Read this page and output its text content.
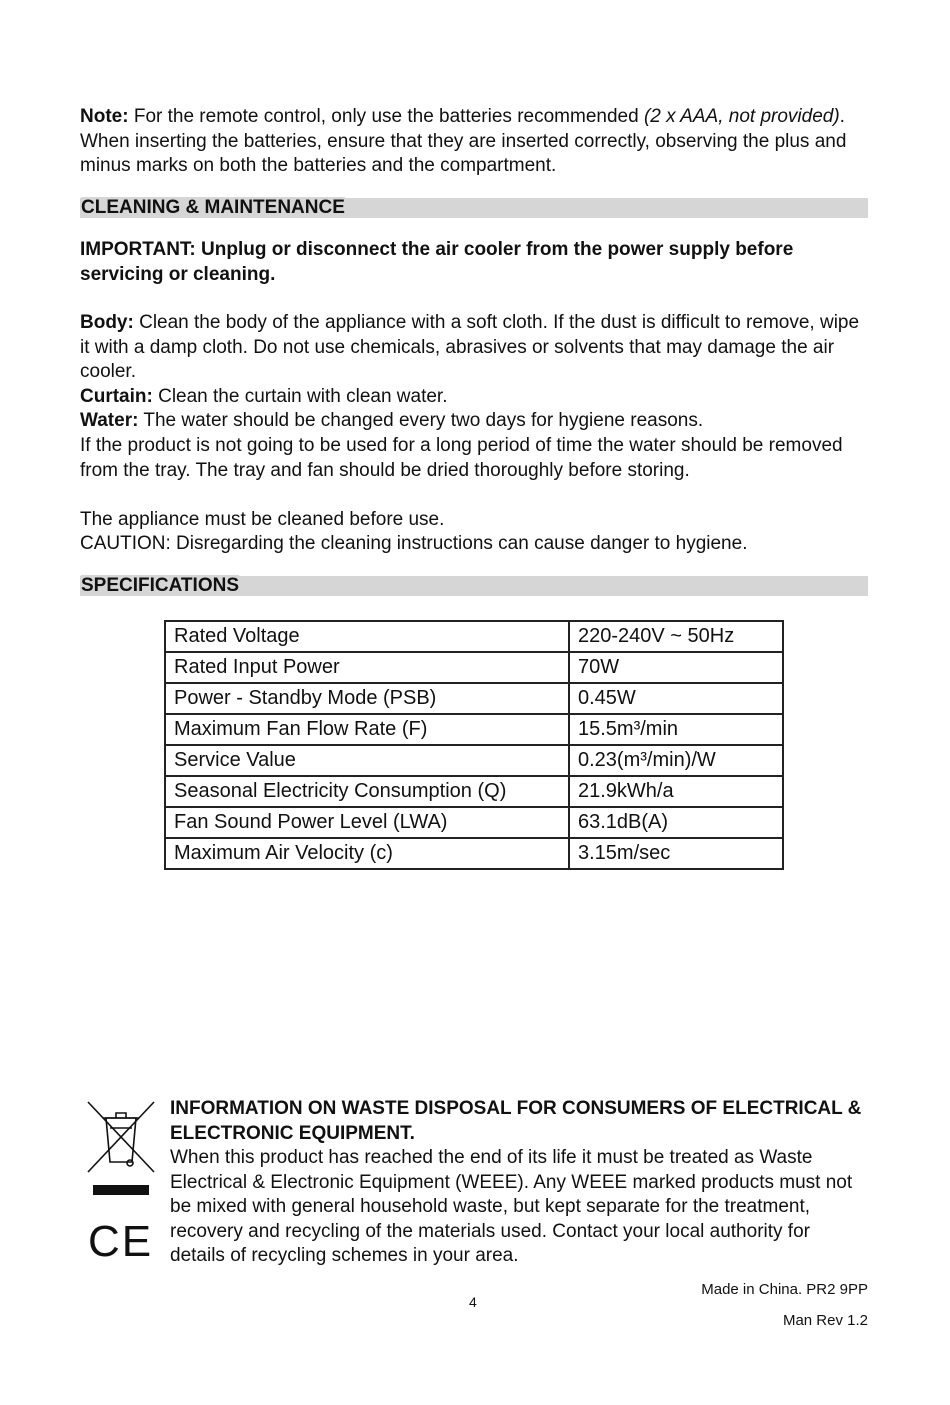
Note: For the remote control, only use the batteries recommended (2 x AAA, not provided). When inserting the batteries, ensure that they are inserted correctly, observing the plus and minus marks on both the batteries and the compartment.

CLEANING & MAINTENANCE

IMPORTANT: Unplug or disconnect the air cooler from the power supply before servicing or cleaning.

Body: Clean the body of the appliance with a soft cloth. If the dust is difficult to remove, wipe it with a damp cloth. Do not use chemicals, abrasives or solvents that may damage the air cooler.

Curtain: Clean the curtain with clean water.

Water: The water should be changed every two days for hygiene reasons.

If the product is not going to be used for a long period of time the water should be removed from the tray. The tray and fan should be dried thoroughly before storing.

The appliance must be cleaned before use.

CAUTION: Disregarding the cleaning instructions can cause danger to hygiene.

SPECIFICATIONS
Rated Voltage	220-240V ~ 50Hz
Rated Input Power	70W
Power - Standby Mode (PSB)	0.45W
Maximum Fan Flow Rate (F)	15.5m³/min
Service Value	0.23(m³/min)/W
Seasonal Electricity Consumption (Q)	21.9kWh/a
Fan Sound Power Level (LWA)	63.1dB(A)
Maximum Air Velocity (c)	3.15m/sec
CE

INFORMATION ON WASTE DISPOSAL FOR CONSUMERS OF ELECTRICAL & ELECTRONIC EQUIPMENT.

When this product has reached the end of its life it must be treated as Waste Electrical & Electronic Equipment (WEEE). Any WEEE marked products must not be mixed with general household waste, but kept separate for the treatment, recovery and recycling of the materials used. Contact your local authority for details of recycling schemes in your area.

Made in China. PR2 9PP
4
Man Rev 1.2
